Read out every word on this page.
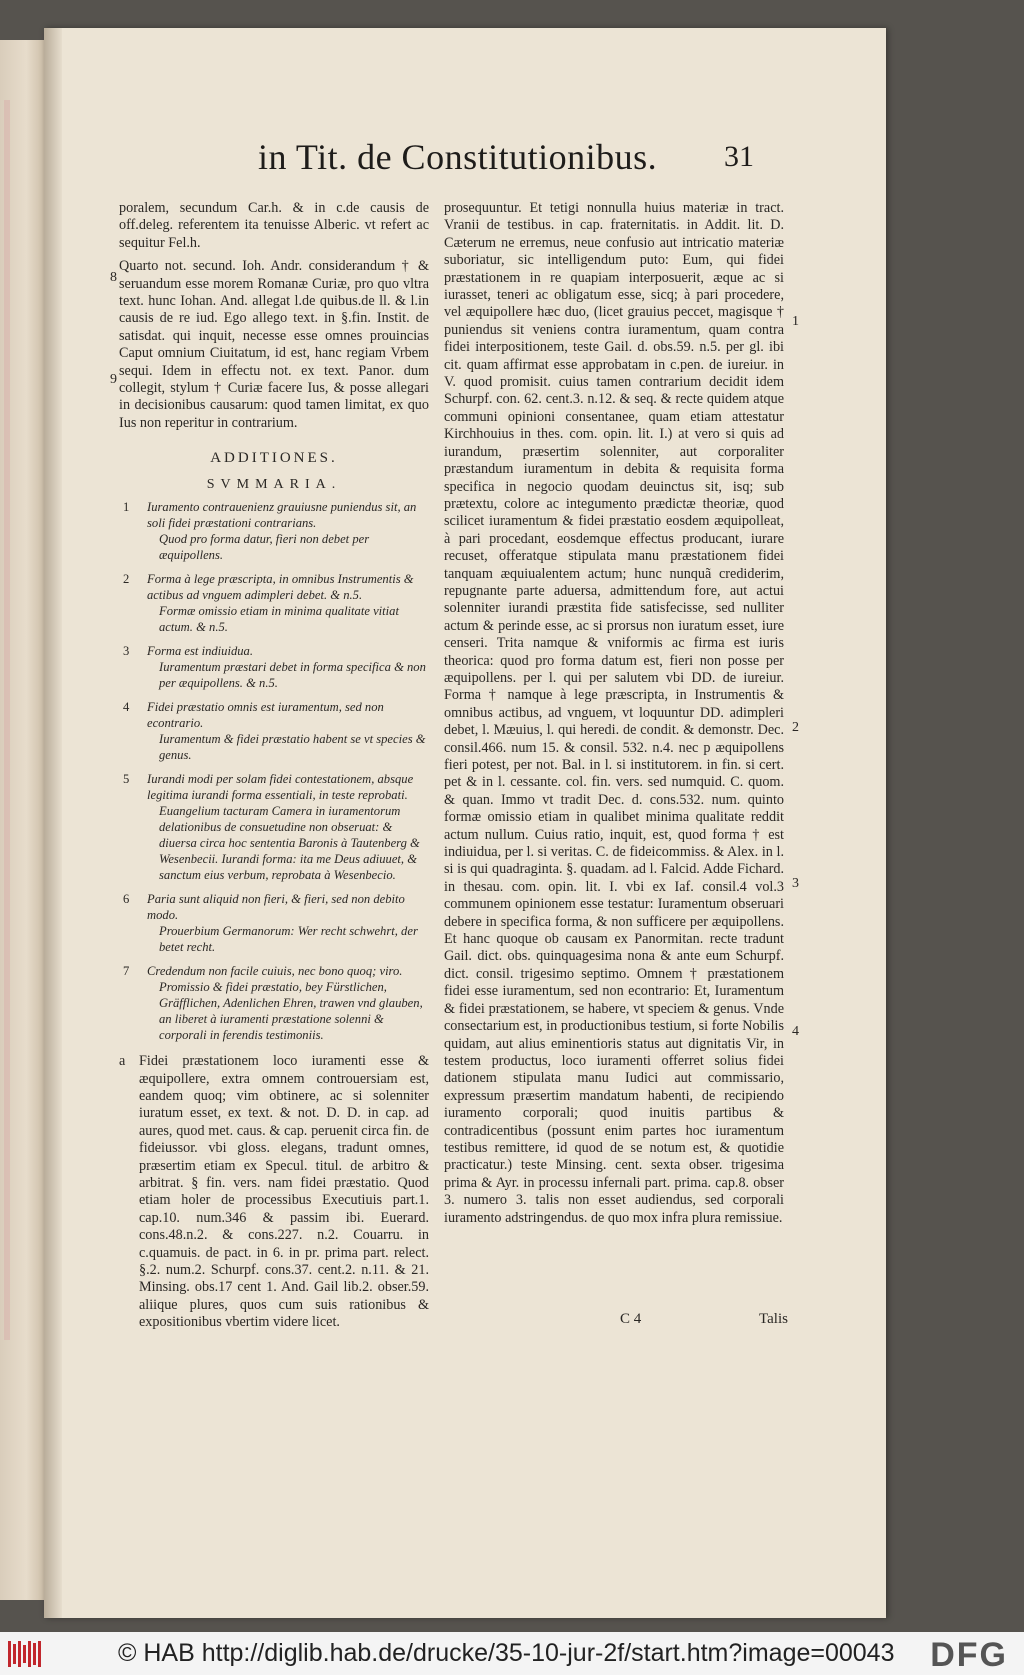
in Tit. de Constitutionibus. 31

poralem, secundum Car.h. & in c.de causis de off.deleg. referentem ita tenuisse Alberic. vt refert ac sequitur Fel.h.

Quarto not. secund. Ioh. Andr. considerandum † & seruandum esse morem Romanæ Curiæ, pro quo vltra text. hunc Iohan. And. allegat l.de quibus.de ll. & l.in causis de re iud. Ego allego text. in §.fin. Instit. de satisdat. qui inquit, necesse esse omnes prouincias Caput omnium Ciuitatum, id est, hanc regiam Vrbem sequi. Idem in effectu not. ex text. Panor. dum collegit, stylum † Curiæ facere Ius, & posse allegari in decisionibus causarum: quod tamen limitat, ex quo Ius non reperitur in contrarium.

ADDITIONES.
SVMMARIA.
1 Iuramento contrauenienz grauiusne puniendus sit, an soli fidei præstationi contrarians.
Quod pro forma datur, fieri non debet per æquipollens.
2 Forma à lege præscripta, in omnibus Instrumentis & actibus ad vnguem adimpleri debet. & n.5.
Formæ omissio etiam in minima qualitate vitiat actum. & n.5.
3 Forma est indiuidua.
Iuramentum præstari debet in forma specifica & non per æquipollens. & n.5.
4 Fidei præstatio omnis est iuramentum, sed non econtrario.
Iuramentum & fidei præstatio habent se vt species & genus.
5 Iurandi modi per solam fidei contestationem, absque legitima iurandi forma essentiali, in teste reprobati.
Euangelium tacturam Camera in iuramentorum delationibus de consuetudine non obseruat: & diuersa circa hoc sententia Baronis à Tautenberg & Wesenbecii. Iurandi forma: ita me Deus adiuuet, & sanctum eius verbum, reprobata à Wesenbecio.
6 Paria sunt aliquid non fieri, & fieri, sed non debito modo.
Prouerbium Germanorum: Wer recht schwehrt, der betet recht.
7 Credendum non facile cuiuis, nec bono quoq; viro.
Promissio & fidei præstatio, bey Fürstlichen, Gräfflichen, Adenlichen Ehren, trawen vnd glauben, an liberet à iuramenti præstatione solenni & corporali in ferendis testimoniis.

a Fidei præstationem loco iuramenti esse & æquipollere, extra omnem controuersiam est, eandem quoq; vim obtinere, ac si solenniter iuratum esset, ex text. & not. D. D. in cap. ad aures, quod met. caus. & cap. peruenit circa fin. de fideiussor. vbi gloss. elegans, tradunt omnes, præsertim etiam ex Specul. titul. de arbitro & arbitrat. § fin. vers. nam fidei præstatio. Quod etiam holer de processibus Executiuis part.1. cap.10. num.346 & passim ibi. Euerard. cons.48.n.2. & cons.227. n.2. Couarru. in c.quamuis. de pact. in 6. in pr. prima part. relect. §.2. num.2. Schurpf. cons.37. cent.2. n.11. & 21. Minsing. obs.17 cent 1. And. Gail lib.2. obser.59. aliique plures, quos cum suis rationibus & expositionibus vbertim videre licet.

prosequuntur. Et tetigi nonnulla huius materiæ in tract. Vranii de testibus. in cap. fraternitatis. in Addit. lit. D. Cæterum ne erremus, neue confusio aut intricatio materiæ suboriatur, sic intelligendum puto: Eum, qui fidei præstationem in re quapiam interposuerit, æque ac si iurasset, teneri ac obligatum esse, sicq; à pari procedere, vel æquipollere hæc duo, (licet grauius peccet, magisque † puniendus sit veniens contra iuramentum, quam contra fidei interpositionem, teste Gail. d. obs.59. n.5. per gl. ibi cit. quam affirmat esse approbatam in c.pen. de iureiur. in V. quod promisit. cuius tamen contrarium decidit idem Schurpf. con. 62. cent.3. n.12. & seq. & recte quidem atque communi opinioni consentanee, quam etiam attestatur Kirchhouius in thes. com. opin. lit. I.) at vero si quis ad iurandum, præsertim solenniter, aut corporaliter præstandum iuramentum in debita & requisita forma specifica in negocio quodam deuinctus sit, isq; sub prætextu, colore ac integumento prædictæ theoriæ, quod scilicet iuramentum & fidei præstatio eosdem æquipolleat, à pari procedant, eosdemque effectus producant, iurare recuset, offeratque stipulata manu præstationem fidei tanquam æquiualentem actum; hunc nunquã crediderim, repugnante parte aduersa, admittendum fore, aut actui solenniter iurandi præstita fide satisfecisse, sed nulliter actum & perinde esse, ac si prorsus non iuratum esset, iure censeri. Trita namque & vniformis ac firma est iuris theorica: quod pro forma datum est, fieri non posse per æquipollens. per l. qui per salutem vbi DD. de iureiur. Forma † namque à lege præscripta, in Instrumentis & omnibus actibus, ad vnguem, vt loquuntur DD. adimpleri debet, l. Mæuius, l. qui heredi. de condit. & demonstr. Dec. consil.466. num 15. & consil. 532. n.4. nec p æquipollens fieri potest, per not. Bal. in l. si institutorem. in fin. si cert. pet & in l. cessante. col. fin. vers. sed numquid. C. quom. & quan. Immo vt tradit Dec. d. cons.532. num. quinto formæ omissio etiam in qualibet minima qualitate reddit actum nullum. Cuius ratio, inquit, est, quod forma † est indiuidua, per l. si veritas. C. de fideicommiss. & Alex. in l. si is qui quadraginta. §. quadam. ad l. Falcid. Adde Fichard. in thesau. com. opin. lit. I. vbi ex Iaf. consil.4 vol.3 communem opinionem esse testatur: Iuramentum obseruari debere in specifica forma, & non sufficere per æquipollens. Et hanc quoque ob causam ex Panormitan. recte tradunt Gail. dict. obs. quinquagesima nona & ante eum Schurpf. dict. consil. trigesimo septimo. Omnem † præstationem fidei esse iuramentum, sed non econtrario: Et, Iuramentum & fidei præstationem, se habere, vt speciem & genus. Vnde consectarium est, in productionibus testium, si forte Nobilis quidam, aut alius eminentioris status aut dignitatis Vir, in testem productus, loco iuramenti offerret solius fidei dationem stipulata manu Iudici aut commissario, expressum præsertim mandatum habenti, de recipiendo iuramento corporali; quod inuitis partibus & contradicentibus (possunt enim partes hoc iuramentum testibus remittere, id quod de se notum est, & quotidie practicatur.) teste Minsing. cent. sexta obser. trigesima prima & Ayr. in processu infernali part. prima. cap.8. obser 3. numero 3. talis non esset audiendus, sed corporali iuramento adstringendus. de quo mox infra plura remissiue.

8
9
1
2
3
4
C 4	Talis
© HAB http://diglib.hab.de/drucke/35-10-jur-2f/start.htm?image=00043 DFG
